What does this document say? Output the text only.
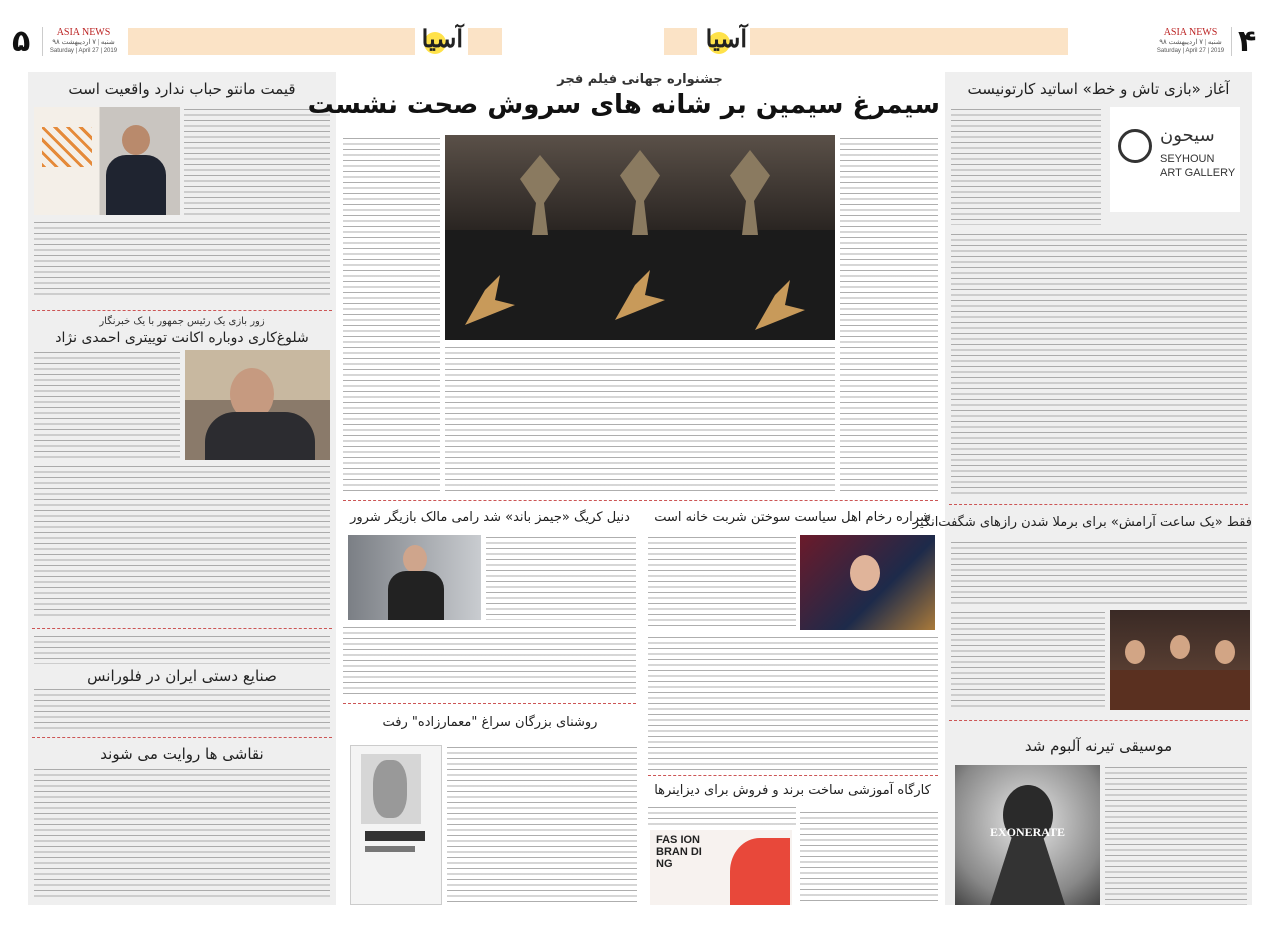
۵	ASIA NEWS
شنبه | ۷ اردیبهشت ۹۸
Saturday | April 27 | 2019	آسیا	آسیا	ASIA NEWS
شنبه | ۷ اردیبهشت ۹۸
Saturday | April 27 | 2019 ۴
قیمت مانتو حباب ندارد واقعیت است
زور بازی یک رئیس جمهور با یک خبرنگار
شلوغ‌کاری دوباره اکانت توییتری احمدی نژاد
صنایع دستی ایران در فلورانس
نقاشی ها روایت می شوند
جشنواره جهانی فیلم فجر
سیمرغ سیمین بر شانه های سروش صحت نشست
شراره رخام اهل سیاست سوختن شربت خانه است
دنیل کریگ «جیمز باند» شد رامی مالک بازیگر شرور
روشنای بزرگان سراغ "معمارزاده" رفت
کارگاه آموزشی ساخت برند و فروش برای دیزاینرها
FAS ION BRAN DI NG
آغاز «بازی تاش و خط» اساتید کارتونیست
سیحون
SEYHOUN
ART GALLERY
فقط «یک ساعت آرامش» برای برملا شدن رازهای شگفت‌انگیز
موسیقی تیرنه آلبوم شد
EXONERATE
